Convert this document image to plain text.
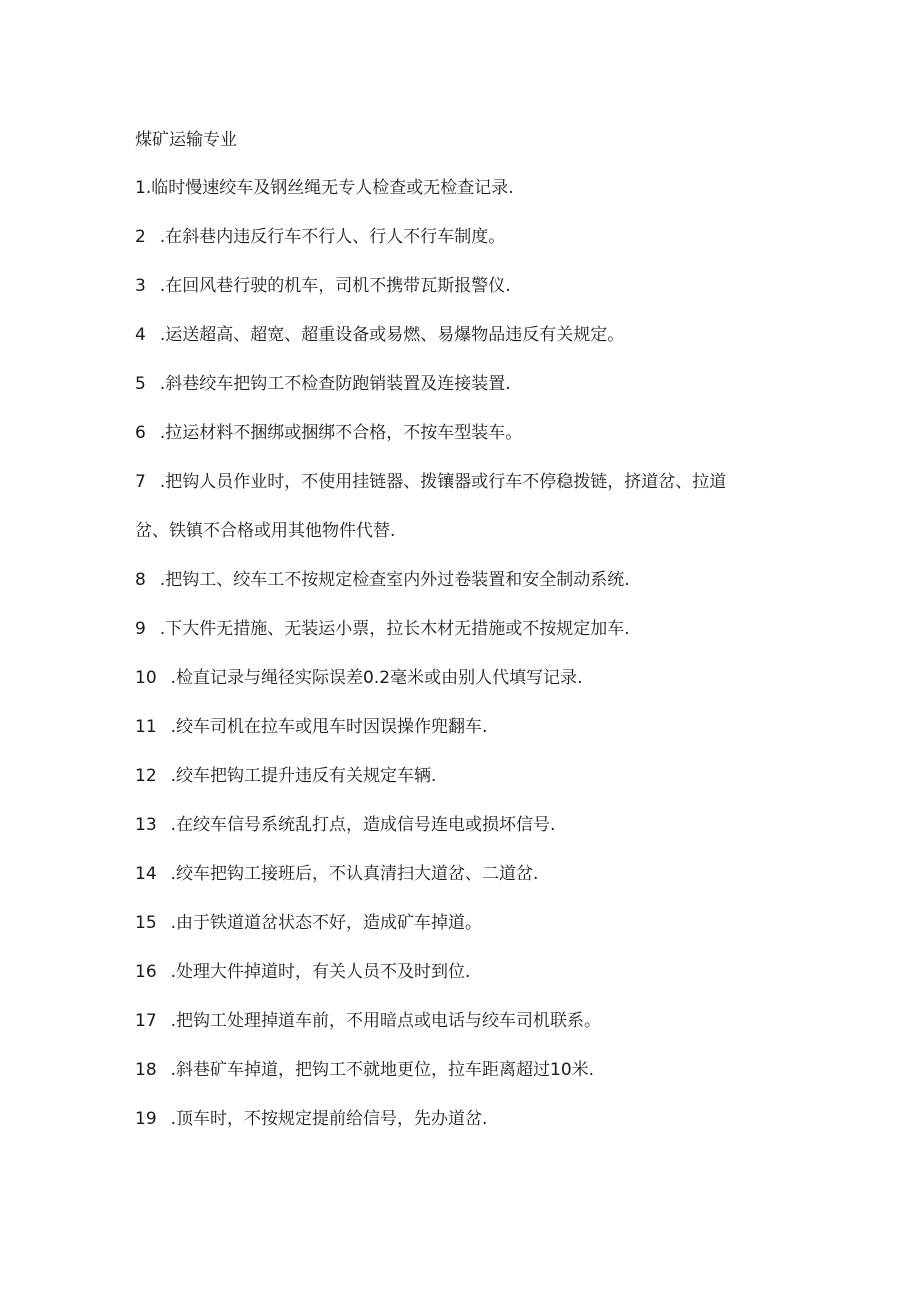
煤矿运输专业
1.临时慢速绞车及钢丝绳无专人检查或无检查记录.
2 .在斜巷内违反行车不行人、行人不行车制度。
3 .在回风巷行驶的机车，司机不携带瓦斯报警仪.
4 .运送超高、超宽、超重设备或易燃、易爆物品违反有关规定。
5 .斜巷绞车把钩工不检查防跑销装置及连接装置.
6 .拉运材料不捆绑或捆绑不合格，不按车型装车。
7 .把钩人员作业时，不使用挂链器、拨镶器或行车不停稳拨链，挤道岔、拉道
岔、铁镇不合格或用其他物件代替.
8 .把钩工、绞车工不按规定检查室内外过卷装置和安全制动系统.
9 .下大件无措施、无装运小票，拉长木材无措施或不按规定加车.
10 .检直记录与绳径实际误差0.2毫米或由别人代填写记录.
11 .绞车司机在拉车或甩车时因误操作兜翻车.
12 .绞车把钩工提升违反有关规定车辆.
13 .在绞车信号系统乱打点，造成信号连电或损坏信号.
14 .绞车把钩工接班后，不认真清扫大道岔、二道岔.
15 .由于铁道道岔状态不好，造成矿车掉道。
16 .处理大件掉道时，有关人员不及时到位.
17 .把钩工处理掉道车前，不用暗点或电话与绞车司机联系。
18 .斜巷矿车掉道，把钩工不就地更位，拉车距离超过10米.
19 .顶车时，不按规定提前给信号，先办道岔.
